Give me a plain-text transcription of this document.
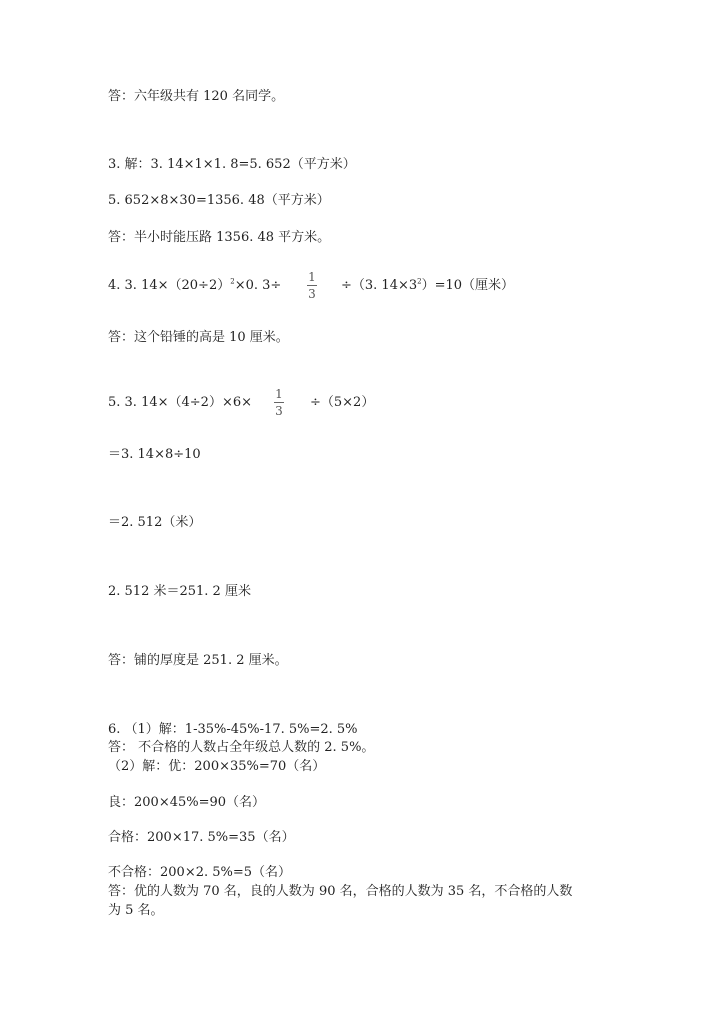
答：六年级共有 120 名同学。
3. 解：3. 14×1×1. 8=5. 652（平方米）
5. 652×8×30=1356. 48（平方米）
答：半小时能压路 1356. 48 平方米。
4. 3. $14\times(20\div 2)^2\times 0$. 3÷
1
3
÷（3. $14\times 3^2)=10$（厘米）
答：这个铅锤的高是 10 厘米。
5. 3. 14×（4÷2）×6×
1
3
÷（5×2）
＝3. 14×8÷10
＝2. 512（米）
2. 512 米＝251. 2 厘米
答：铺的厚度是 251. 2 厘米。
6. （1）解：1-35%-45%-17. 5%=2. 5%
答： 不合格的人数占全年级总人数的 2. 5%。
（2）解：优：200×35%=70（名）
良：200×45%=90（名）
合格：200×17. 5%=35（名）
不合格：200×2. 5%=5（名）
答：优的人数为 70 名，良的人数为 90 名，合格的人数为 35 名，不合格的人数
为 5 名。
